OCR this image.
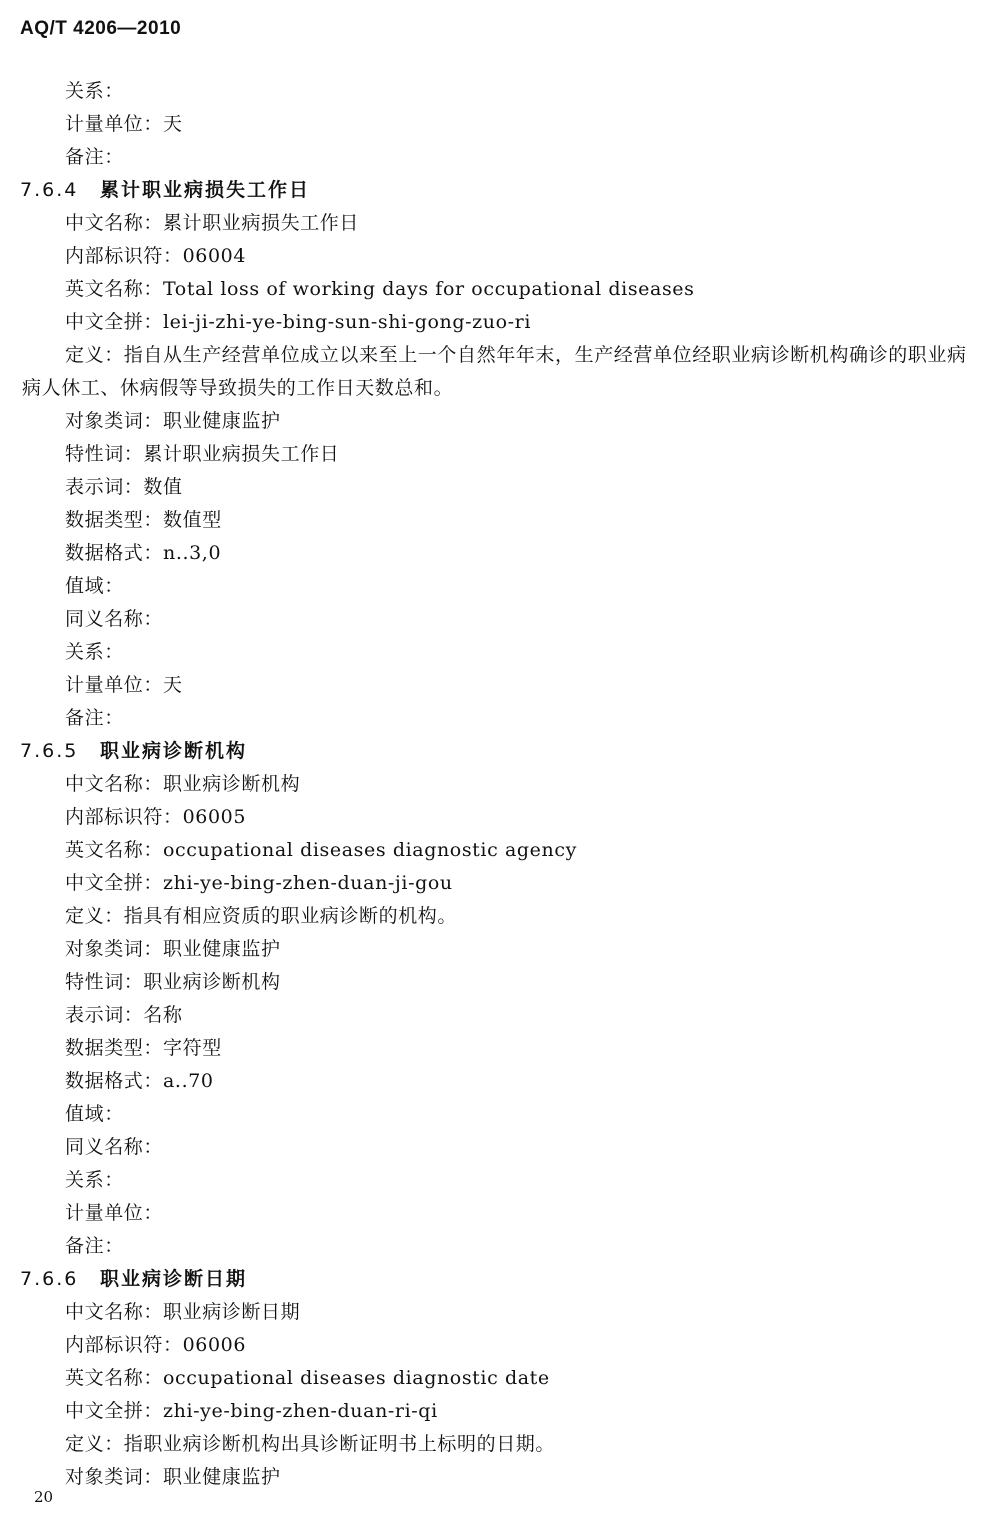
AQ/T 4206—2010
关系：
计量单位：天
备注：
7.6.4 累计职业病损失工作日
中文名称：累计职业病损失工作日
内部标识符：06004
英文名称：Total loss of working days for occupational diseases
中文全拼：lei-ji-zhi-ye-bing-sun-shi-gong-zuo-ri
定义：指自从生产经营单位成立以来至上一个自然年年末，生产经营单位经职业病诊断机构确诊的职业病病人休工、休病假等导致损失的工作日天数总和。
对象类词：职业健康监护
特性词：累计职业病损失工作日
表示词：数值
数据类型：数值型
数据格式：n..3,0
值域：
同义名称：
关系：
计量单位：天
备注：
7.6.5 职业病诊断机构
中文名称：职业病诊断机构
内部标识符：06005
英文名称：occupational diseases diagnostic agency
中文全拼：zhi-ye-bing-zhen-duan-ji-gou
定义：指具有相应资质的职业病诊断的机构。
对象类词：职业健康监护
特性词：职业病诊断机构
表示词：名称
数据类型：字符型
数据格式：a..70
值域：
同义名称：
关系：
计量单位：
备注：
7.6.6 职业病诊断日期
中文名称：职业病诊断日期
内部标识符：06006
英文名称：occupational diseases diagnostic date
中文全拼：zhi-ye-bing-zhen-duan-ri-qi
定义：指职业病诊断机构出具诊断证明书上标明的日期。
对象类词：职业健康监护
20
